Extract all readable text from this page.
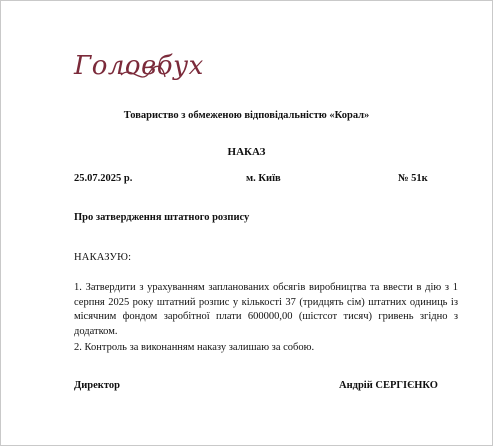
Головбух
Товариство з обмеженою відповідальністю «Корал»
НАКАЗ
25.07.2025 р.	м. Київ	№ 51к
Про затвердження штатного розпису
НАКАЗУЮ:

1. Затвердити з урахуванням запланованих обсягів виробництва та ввести в дію з 1 серпня 2025 року штатний розпис у кількості 37 (тридцять сім) штатних одиниць із місячним фондом заробітної плати 600000,00 (шістсот тисяч) гривень згідно з додатком.

2. Контроль за виконанням наказу залишаю за собою.

Директор	Андрій СЕРГІЄНКО
